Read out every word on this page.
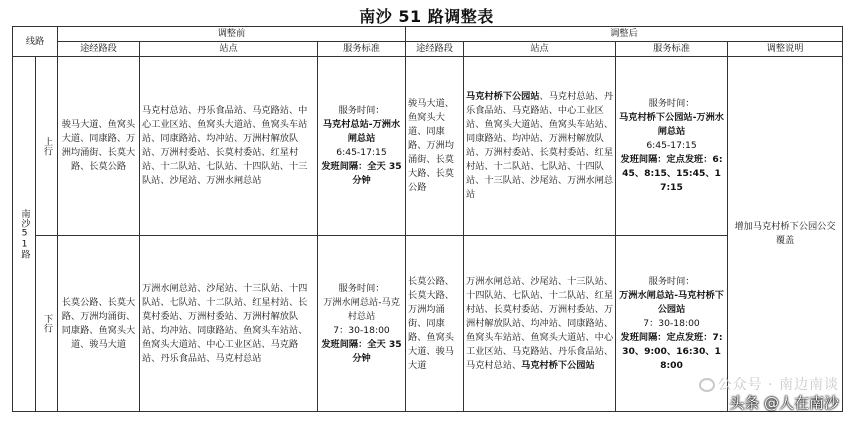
南沙 51 路调整表
线路		调整前			调整后			
		途经路段	站点	服务标准	途经路段	站点	服务标准	调整说明

南沙51路	上行	骏马大道、鱼窝头大道、同康路、万洲均涌街、长莫大路、长莫公路	马克村总站、丹乐食品站、马克路站、中心工业区站、鱼窝头大道站、鱼窝头车站站、同康路站、均冲站、万洲村解放队站、万洲村委站、长莫村委站、红星村站、十二队站、七队站、十四队站、十三队站、沙尾站、万洲水闸总站	服务时间：
马克村总站-万洲水闸总站
6:45-17:15
发班间隔：全天 35 分钟	骏马大道、鱼窝头大道、同康路、万洲均涌街、长莫大路、长莫公路	马克村桥下公园站、马克村总站、丹乐食品站、马克路站、中心工业区站、鱼窝头大道站、鱼窝头车站站、同康路站、均冲站、万洲村解放队站、万洲村委站、长莫村委站、红星村站、十二队站、七队站、十四队站、十三队站、沙尾站、万洲水闸总站	服务时间：
马克村桥下公园站-万洲水闸总站
6:45-17:15
发班间隔：定点发班：6:45、8:15、15:45、17:15	增加马克村桥下公园公交覆盖

	下行	长莫公路、长莫大路、万洲均涌街、同康路、鱼窝头大道、骏马大道	万洲水闸总站、沙尾站、十三队站、十四队站、七队站、十二队站、红星村站、长莫村委站、万洲村委站、万洲村解放队站、均冲站、同康路站、鱼窝头车站站、鱼窝头大道站、中心工业区站、马克路站、丹乐食品站、马克村总站	服务时间：
万洲水闸总站-马克村总站
7：30-18:00
发班间隔：全天 35 分钟	长莫公路、长莫大路、万洲均涌街、同康路、鱼窝头大道、骏马大道	万洲水闸总站、沙尾站、十三队站、十四队站、七队站、十二队站、红星村站、长莫村委站、万洲村委站、万洲村解放队站、均冲站、同康路站、鱼窝头车站站、鱼窝头大道站、中心工业区站、马克路站、丹乐食品站、马克村总站、马克村桥下公园站	服务时间：
万洲水闸总站-马克村桥下公园站
7：30-18:00
发班间隔：定点发班：7:30、9:00、16:30、18:00	
公众号 · 南边南谈
头条 @人在南沙
